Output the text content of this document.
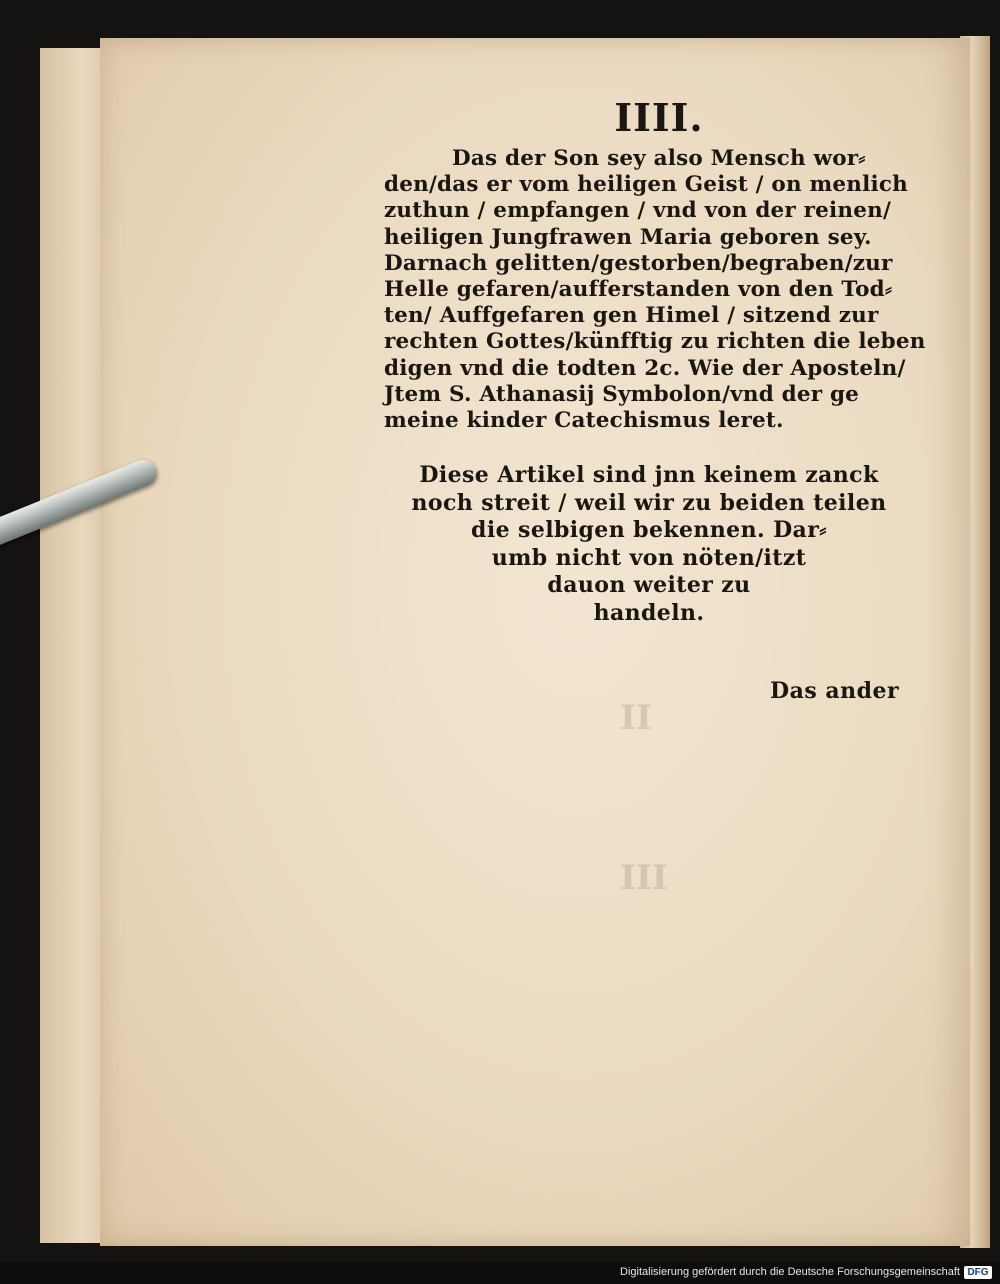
II
III
IIII.
Das der Son sey also Mensch wor⸗
den/das er vom heiligen Geist / on menlich
zuthun / empfangen / vnd von der reinen/
heiligen Jungfrawen Maria geboren sey.
Darnach gelitten/gestorben/begraben/zur
Helle gefaren/aufferstanden von den Tod⸗
ten/ Auffgefaren gen Himel / sitzend zur
rechten Gottes/künfftig zu richten die leben
digen vnd die todten 2c. Wie der Aposteln/
Jtem S. Athanasij Symbolon/vnd der ge
meine kinder Catechismus leret.
Diese Artikel sind jnn keinem zanck
noch streit / weil wir zu beiden teilen
die selbigen bekennen. Dar⸗
umb nicht von nöten/itzt
dauon weiter zu
handeln.
Das ander
Digitalisierung gefördert durch die Deutsche Forschungsgemeinschaft DFG
